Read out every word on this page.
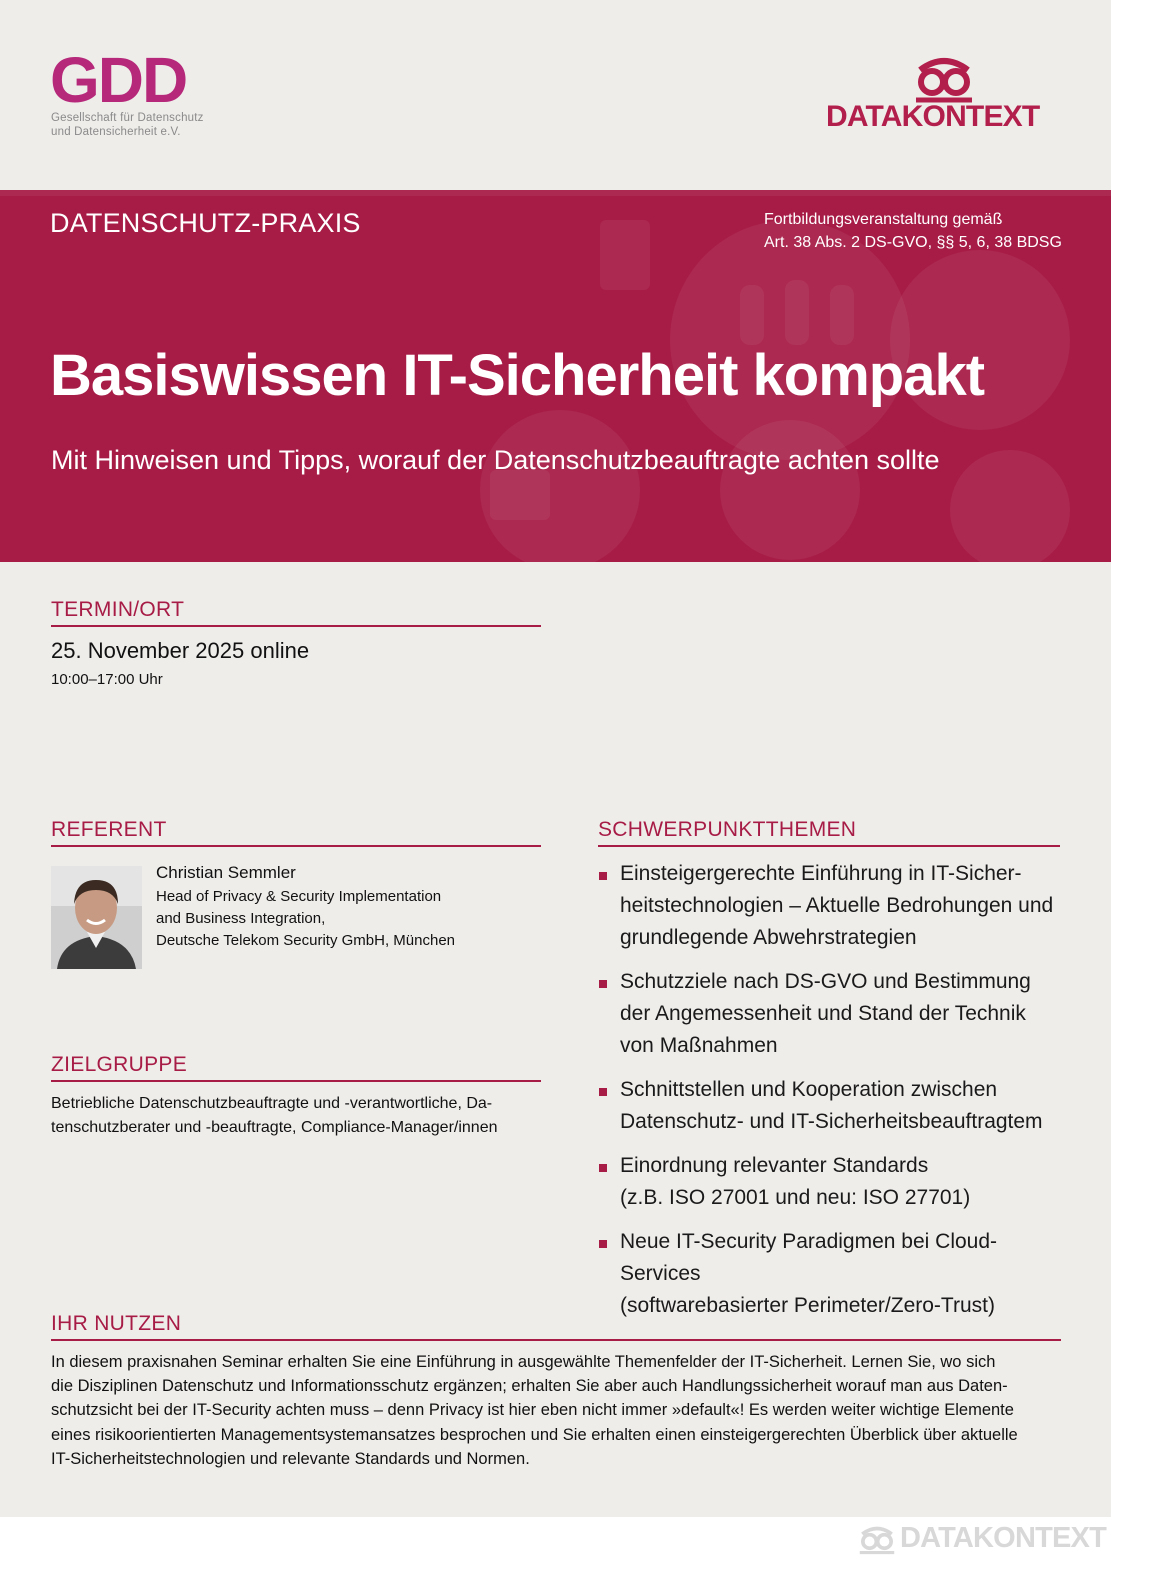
GDD
Gesellschaft für Datenschutz
und Datensicherheit e.V.	DATAKONTEXT
DATENSCHUTZ-PRAXIS	Fortbildungsveranstaltung gemäß
Art. 38 Abs. 2 DS-GVO, §§ 5, 6, 38 BDSG
Basiswissen IT-Sicherheit kompakt
Mit Hinweisen und Tipps, worauf der Datenschutzbeauftragte achten sollte
TERMIN/ORT
25. November 2025 online
10:00–17:00 Uhr
REFERENT
Christian Semmler
Head of Privacy & Security Implementation
and Business Integration,
Deutsche Telekom Security GmbH, München
ZIELGRUPPE
Betriebliche Datenschutzbeauftragte und -verantwortliche, Da-
tenschutzberater und -beauftragte, Compliance-Manager/innen
SCHWERPUNKTTHEMEN
Einsteigergerechte Einführung in IT-Sicher-
heitstechnologien – Aktuelle Bedrohungen und
grundlegende Abwehrstrategien
Schutzziele nach DS-GVO und Bestimmung
der Angemessenheit und Stand der Technik
von Maßnahmen
Schnittstellen und Kooperation zwischen
Datenschutz- und IT-Sicherheitsbeauftragtem
Einordnung relevanter Standards
(z.B. ISO 27001 und neu: ISO 27701)
Neue IT-Security Paradigmen bei Cloud-Services
(softwarebasierter Perimeter/Zero-Trust)
IHR NUTZEN
In diesem praxisnahen Seminar erhalten Sie eine Einführung in ausgewählte Themenfelder der IT-Sicherheit. Lernen Sie, wo sich
die Disziplinen Datenschutz und Informationsschutz ergänzen; erhalten Sie aber auch Handlungssicherheit worauf man aus Daten-
schutzsicht bei der IT-Security achten muss – denn Privacy ist hier eben nicht immer »default«! Es werden weiter wichtige Elemente
eines risikoorientierten Managementsystemansatzes besprochen und Sie erhalten einen einsteigergerechten Überblick über aktuelle
IT-Sicherheitstechnologien und relevante Standards und Normen.
DATAKONTEXT
